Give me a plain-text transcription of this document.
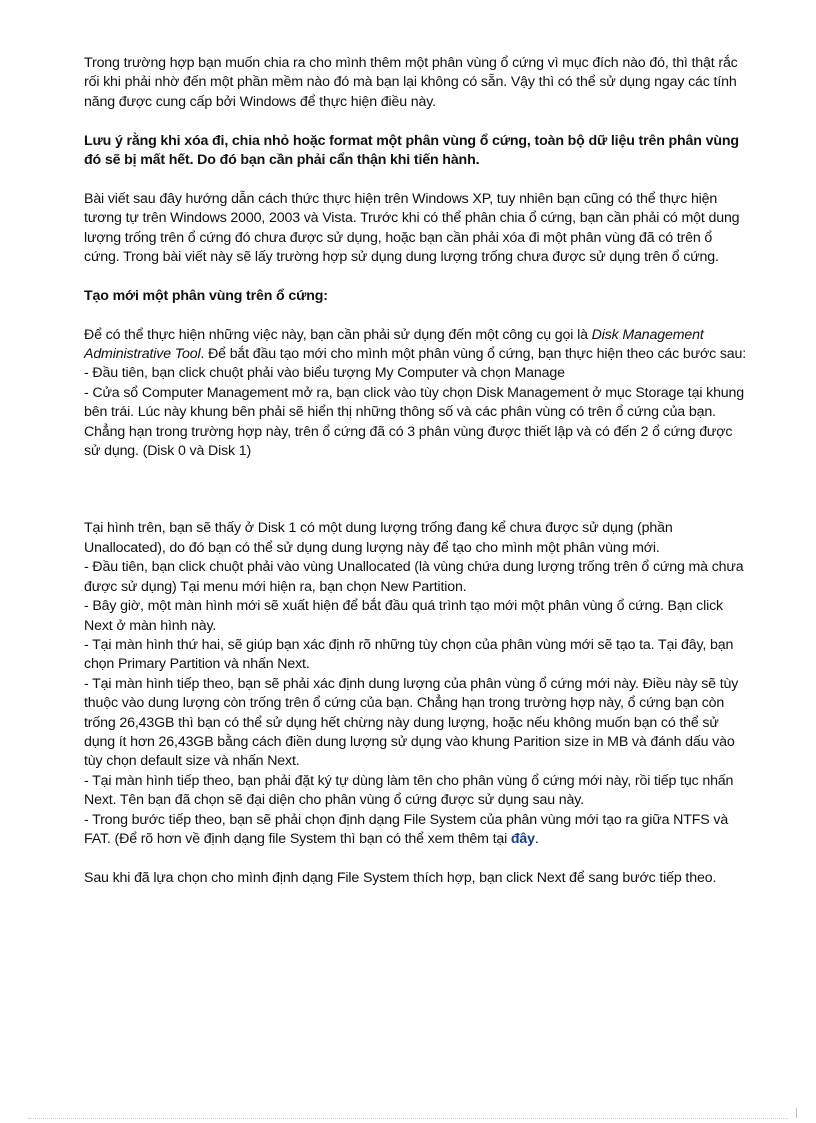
Trong trường hợp bạn muốn chia ra cho mình thêm một phân vùng ổ cứng vì mục đích nào đó, thì thật rắc rối khi phải nhờ đến một phần mềm nào đó mà bạn lại không có sẵn. Vậy thì có thể sử dụng ngay các tính năng được cung cấp bởi Windows để thực hiện điều này.

Lưu ý rằng khi xóa đi, chia nhỏ hoặc format một phân vùng ổ cứng, toàn bộ dữ liệu trên phân vùng đó sẽ bị mất hết. Do đó bạn cần phải cẩn thận khi tiến hành.

Bài viết sau đây hướng dẫn cách thức thực hiện trên Windows XP, tuy nhiên bạn cũng có thể thực hiện tương tự trên Windows 2000, 2003 và Vista. Trước khi có thể phân chia ổ cứng, bạn cần phải có một dung lượng trống trên ổ cứng đó chưa được sử dụng, hoặc bạn cần phải xóa đi một phân vùng đã có trên ổ cứng. Trong bài viết này sẽ lấy trường hợp sử dụng dung lượng trống chưa được sử dụng trên ổ cứng.

Tạo mới một phân vùng trên ổ cứng:

Để có thể thực hiện những việc này, bạn cần phải sử dụng đến một công cụ gọi là Disk Management Administrative Tool. Để bắt đầu tạo mới cho mình một phân vùng ổ cứng, bạn thực hiện theo các bước sau:

- Đầu tiên, bạn click chuột phải vào biểu tượng My Computer và chọn Manage

- Cửa sổ Computer Management mở ra, bạn click vào tùy chọn Disk Management ở mục Storage tại khung bên trái. Lúc này khung bên phải sẽ hiển thị những thông số và các phân vùng có trên ổ cứng của bạn. Chẳng hạn trong trường hợp này, trên ổ cứng đã có 3 phân vùng được thiết lập và có đến 2 ổ cứng được sử dụng. (Disk 0 và Disk 1)

Tại hình trên, bạn sẽ thấy ở Disk 1 có một dung lượng trống đang kể chưa được sử dụng (phần Unallocated), do đó bạn có thể sử dụng dung lượng này để tạo cho mình một phân vùng mới.

- Đầu tiên, bạn click chuột phải vào vùng Unallocated (là vùng chứa dung lượng trống trên ổ cứng mà chưa được sử dụng) Tại menu mới hiện ra, bạn chọn New Partition.

- Bây giờ, một màn hình mới sẽ xuất hiện để bắt đầu quá trình tạo mới một phân vùng ổ cứng. Bạn click Next ở màn hình này.

- Tại màn hình thứ hai, sẽ giúp bạn xác định rõ những tùy chọn của phân vùng mới sẽ tạo ta. Tại đây, bạn chọn Primary Partition và nhấn Next.

- Tại màn hình tiếp theo, bạn sẽ phải xác định dung lượng của phân vùng ổ cứng mới này. Điều này sẽ tùy thuộc vào dung lượng còn trống trên ổ cứng của bạn. Chẳng hạn trong trường hợp này, ổ cứng bạn còn trống 26,43GB thì bạn có thể sử dụng hết chừng này dung lượng, hoặc nếu không muốn bạn có thể sử dụng ít hơn 26,43GB bằng cách điền dung lượng sử dụng vào khung Parition size in MB và đánh dấu vào tùy chọn default size và nhấn Next.

- Tại màn hình tiếp theo, bạn phải đặt ký tự dùng làm tên cho phân vùng ổ cứng mới này, rồi tiếp tục nhấn Next. Tên bạn đã chọn sẽ đại diện cho phân vùng ổ cứng được sử dụng sau này.

- Trong bước tiếp theo, bạn sẽ phải chọn định dạng File System của phân vùng mới tạo ra giữa NTFS và FAT. (Để rõ hơn về định dạng file System thì bạn có thể xem thêm tại đây.

Sau khi đã lựa chọn cho mình định dạng File System thích hợp, bạn click Next để sang bước tiếp theo.
